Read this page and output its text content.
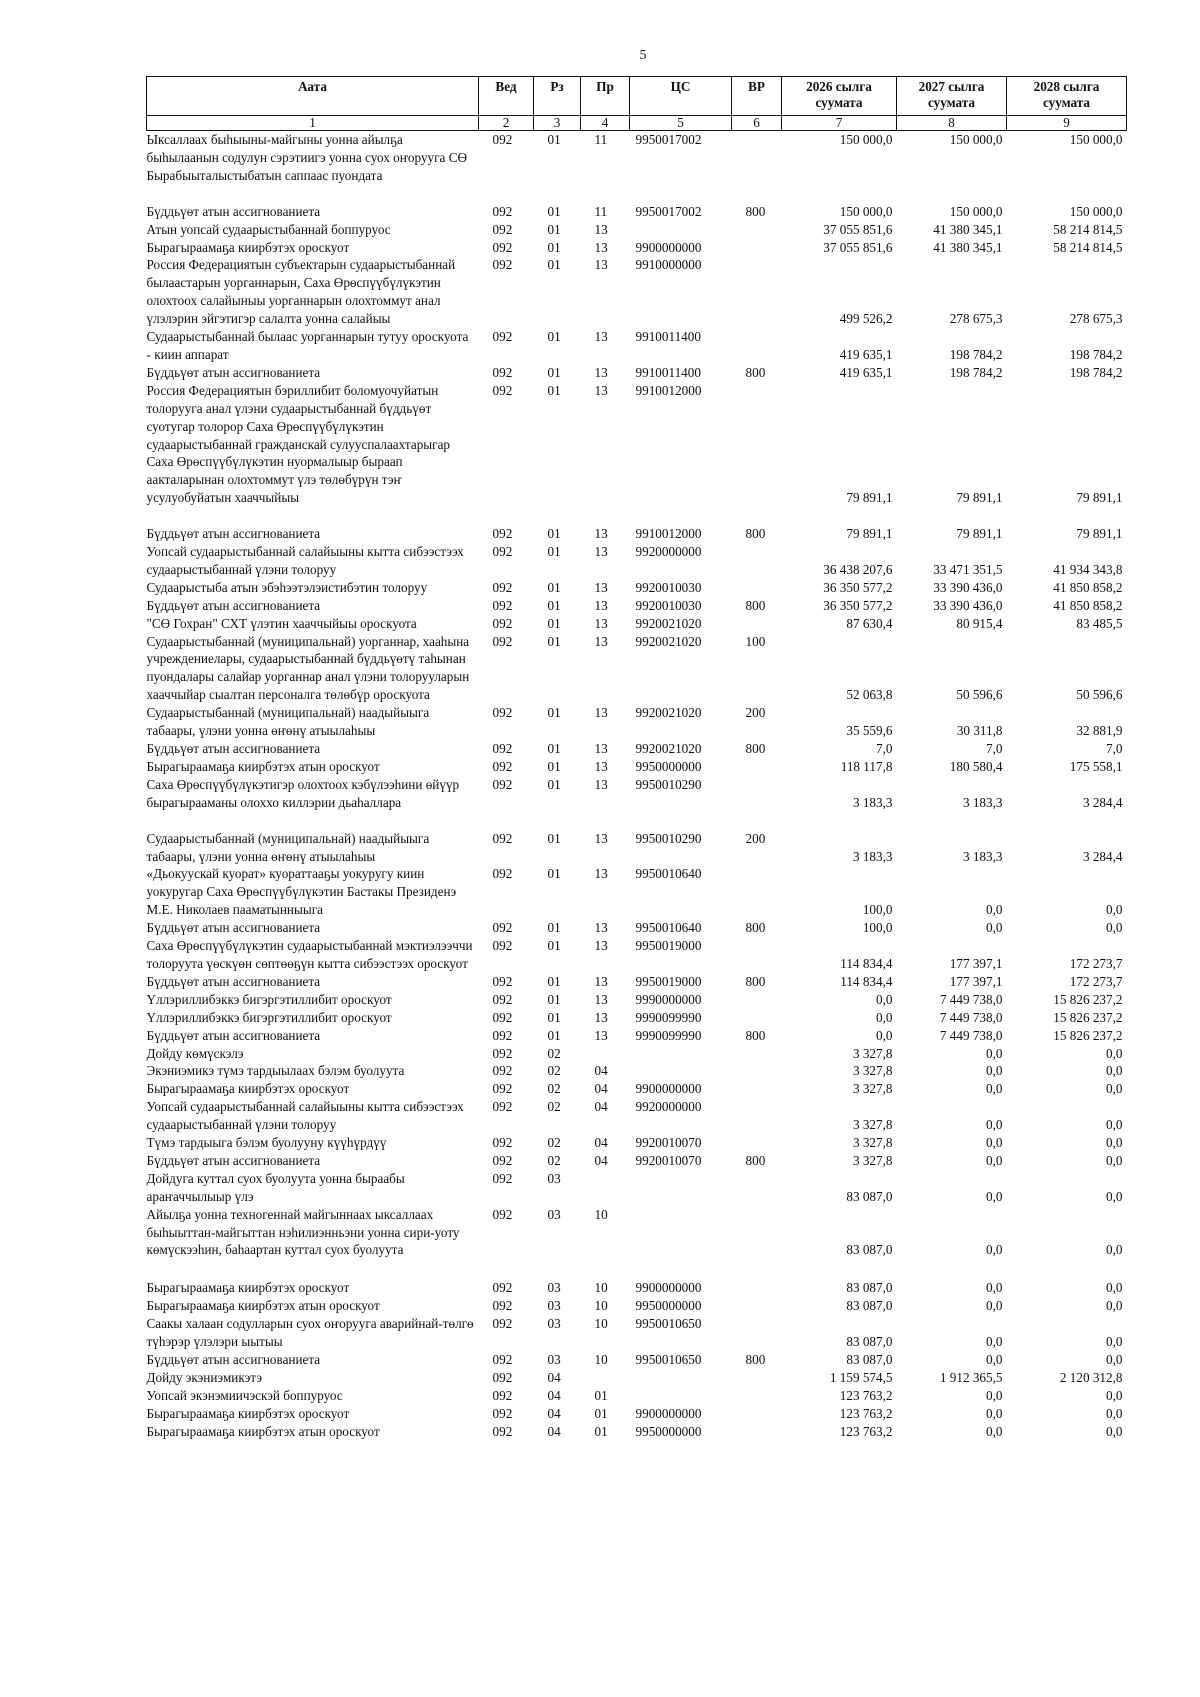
5
Аата	Вед	Рз	Пр	ЦС	ВР	2026 сылга суумата	2027 сылга суумата	2028 сылга суумата
1	2	3	4	5	6	7	8	9
Ыксаллаах быһыыны-майгыны уонна айылҕа быһылаанын содулун сэрэтиигэ уонна суох оҥорууга СӨ Бырабыыталыстыбатын саппаас пуондата	092	01	11	9950017002		150 000,0	150 000,0	150 000,0
Бүддьүөт атын ассигнованиета	092	01	11	9950017002	800	150 000,0	150 000,0	150 000,0
Атын уопсай судаарыстыбаннай боппуруос	092	01	13			37 055 851,6	41 380 345,1	58 214 814,5
Бырагыраамаҕа киирбэтэх ороскуот	092	01	13	9900000000		37 055 851,6	41 380 345,1	58 214 814,5
Россия Федерациятын субъектарын судаарыстыбаннай былаастарын уорганнарын, Саха Өрөспүүбүлүкэтин олохтоох салайыныы уорганнарын олохтоммут анал үлэлэрин эйгэтигэр салалта уонна салайыы	092	01	13	9910000000		499 526,2	278 675,3	278 675,3
Судаарыстыбаннай былаас уорганнарын тутуу ороскуота - киин аппарат	092	01	13	9910011400		419 635,1	198 784,2	198 784,2
Бүддьүөт атын ассигнованиета	092	01	13	9910011400	800	419 635,1	198 784,2	198 784,2
Россия Федерациятын бэриллибит боломуочуйатын толорууга анал үлэни судаарыстыбаннай бүддьүөт суотугар толорор Саха Өрөспүүбүлүкэтин судаарыстыбаннай гражданскай сулууспалаахтарыгар Саха Өрөспүүбүлүкэтин нуормалыыр быраап аакталарынан олохтоммут үлэ төлөбүрүн тэҥ усулуобуйатын хааччыйыы	092	01	13	9910012000		79 891,1	79 891,1	79 891,1
Бүддьүөт атын ассигнованиета	092	01	13	9910012000	800	79 891,1	79 891,1	79 891,1
Уопсай судаарыстыбаннай салайыыны кытта сибээстээх судаарыстыбаннай үлэни толоруу	092	01	13	9920000000		36 438 207,6	33 471 351,5	41 934 343,8
Судаарыстыба атын эбэһээтэлэистибэтин толоруу	092	01	13	9920010030		36 350 577,2	33 390 436,0	41 850 858,2
Бүддьүөт атын ассигнованиета	092	01	13	9920010030	800	36 350 577,2	33 390 436,0	41 850 858,2
"СӨ Гохран" СХТ үлэтин хааччыйыы ороскуота	092	01	13	9920021020		87 630,4	80 915,4	83 485,5
Судаарыстыбаннай (муниципальнай) уорганнар, хааһына учреждениелары, судаарыстыбаннай бүддьүөтү таһынан пуондалары салайар уорганнар анал үлэни толорууларын хааччыйар сыалтан персоналга төлөбүр ороскуота	092	01	13	9920021020	100	52 063,8	50 596,6	50 596,6
Судаарыстыбаннай (муниципальнай) наадыйыыга табаары, үлэни уонна өҥөнү атыылаһыы	092	01	13	9920021020	200	35 559,6	30 311,8	32 881,9
Бүддьүөт атын ассигнованиета	092	01	13	9920021020	800	7,0	7,0	7,0
Бырагыраамаҕа киирбэтэх атын ороскуот	092	01	13	9950000000		118 117,8	180 580,4	175 558,1
Саха Өрөспүүбүлүкэтигэр олохтоох кэбүлээһини өйүүр бырагырааманы олоххо киллэрии дьаһаллара	092	01	13	9950010290		3 183,3	3 183,3	3 284,4
Судаарыстыбаннай (муниципальнай) наадыйыыга табаары, үлэни уонна өҥөнү атыылаһыы	092	01	13	9950010290	200	3 183,3	3 183,3	3 284,4
«Дьокуускай куорат» куораттааҕы уокуругу киин уокуругар Саха Өрөспүүбүлүкэтин Бастакы Президенэ М.Е. Николаев пааматынныыга	092	01	13	9950010640		100,0	0,0	0,0
Бүддьүөт атын ассигнованиета	092	01	13	9950010640	800	100,0	0,0	0,0
Саха Өрөспүүбүлүкэтин судаарыстыбаннай мэктиэлээччи толоруута үөскүөн сөптөөҕүн кытта сибээстээх ороскуот	092	01	13	9950019000		114 834,4	177 397,1	172 273,7
Бүддьүөт атын ассигнованиета	092	01	13	9950019000	800	114 834,4	177 397,1	172 273,7
Үллэриллибэккэ бигэргэтиллибит ороскуот	092	01	13	9990000000		0,0	7 449 738,0	15 826 237,2
Үллэриллибэккэ бигэргэтиллибит ороскуот	092	01	13	9990099990		0,0	7 449 738,0	15 826 237,2
Бүддьүөт атын ассигнованиета	092	01	13	9990099990	800	0,0	7 449 738,0	15 826 237,2
Дойду көмүскэлэ	092	02				3 327,8	0,0	0,0
Экэниэмикэ түмэ тардыылаах бэлэм буолуута	092	02	04			3 327,8	0,0	0,0
Бырагыраамаҕа киирбэтэх ороскуот	092	02	04	9900000000		3 327,8	0,0	0,0
Уопсай судаарыстыбаннай салайыыны кытта сибээстээх судаарыстыбаннай үлэни толоруу	092	02	04	9920000000		3 327,8	0,0	0,0
Түмэ тардыыга бэлэм буолууну күүһүрдүү	092	02	04	9920010070		3 327,8	0,0	0,0
Бүддьүөт атын ассигнованиета	092	02	04	9920010070	800	3 327,8	0,0	0,0
Дойдуга куттал суох буолуута уонна быраабы араҥаччылыыр үлэ	092	03				83 087,0	0,0	0,0
Айылҕа уонна техногеннай майгыннаах ыксаллаах быһыыттан-майгыттан нэһилиэнньэни уонна сири-уоту көмүскээһин, баһаартан куттал суох буолуута	092	03	10			83 087,0	0,0	0,0
Бырагыраамаҕа киирбэтэх ороскуот	092	03	10	9900000000		83 087,0	0,0	0,0
Бырагыраамаҕа киирбэтэх атын ороскуот	092	03	10	9950000000		83 087,0	0,0	0,0
Саакы халаан содулларын суох оҥорууга аварийнай-төлгө түһэрэр үлэлэри ыытыы	092	03	10	9950010650		83 087,0	0,0	0,0
Бүддьүөт атын ассигнованиета	092	03	10	9950010650	800	83 087,0	0,0	0,0
Дойду экэниэмикэтэ	092	04				1 159 574,5	1 912 365,5	2 120 312,8
Уопсай экэнэмиичэскэй боппуруос	092	04	01			123 763,2	0,0	0,0
Бырагыраамаҕа киирбэтэх ороскуот	092	04	01	9900000000		123 763,2	0,0	0,0
Бырагыраамаҕа киирбэтэх атын ороскуот	092	04	01	9950000000		123 763,2	0,0	0,0
